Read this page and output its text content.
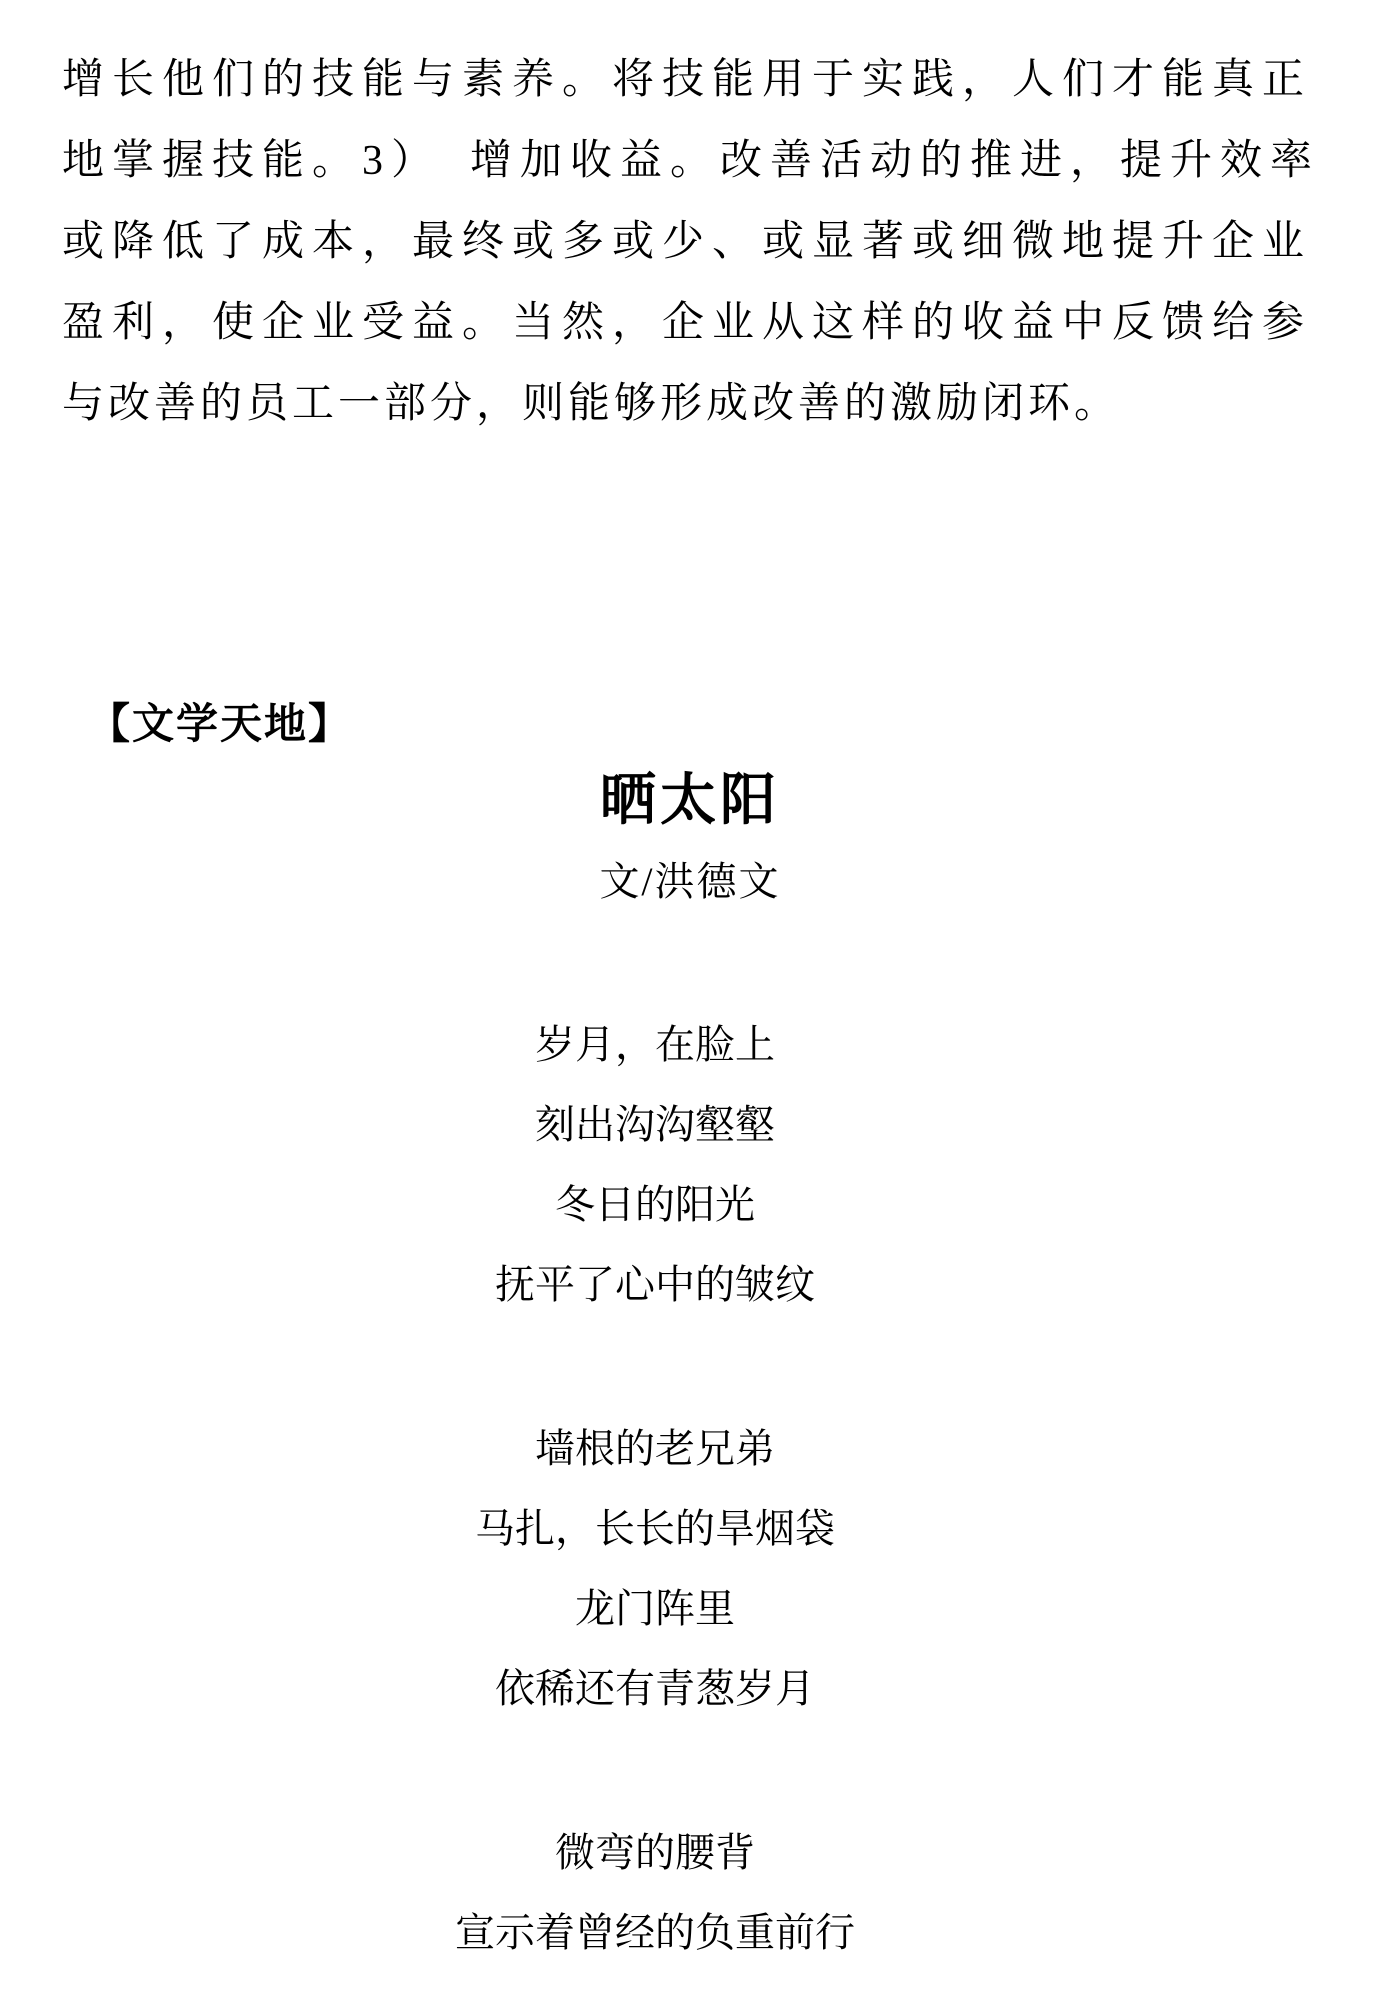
增长他们的技能与素养。将技能用于实践，人们才能真正
地掌握技能。3）　增加收益。改善活动的推进，提升效率
或降低了成本，最终或多或少、或显著或细微地提升企业
盈利，使企业受益。当然，企业从这样的收益中反馈给参
与改善的员工一部分，则能够形成改善的激励闭环。
【文学天地】
晒太阳
文/洪德文
岁月，在脸上
刻出沟沟壑壑
冬日的阳光
抚平了心中的皱纹
墙根的老兄弟
马扎，长长的旱烟袋
龙门阵里
依稀还有青葱岁月
微弯的腰背
宣示着曾经的负重前行
